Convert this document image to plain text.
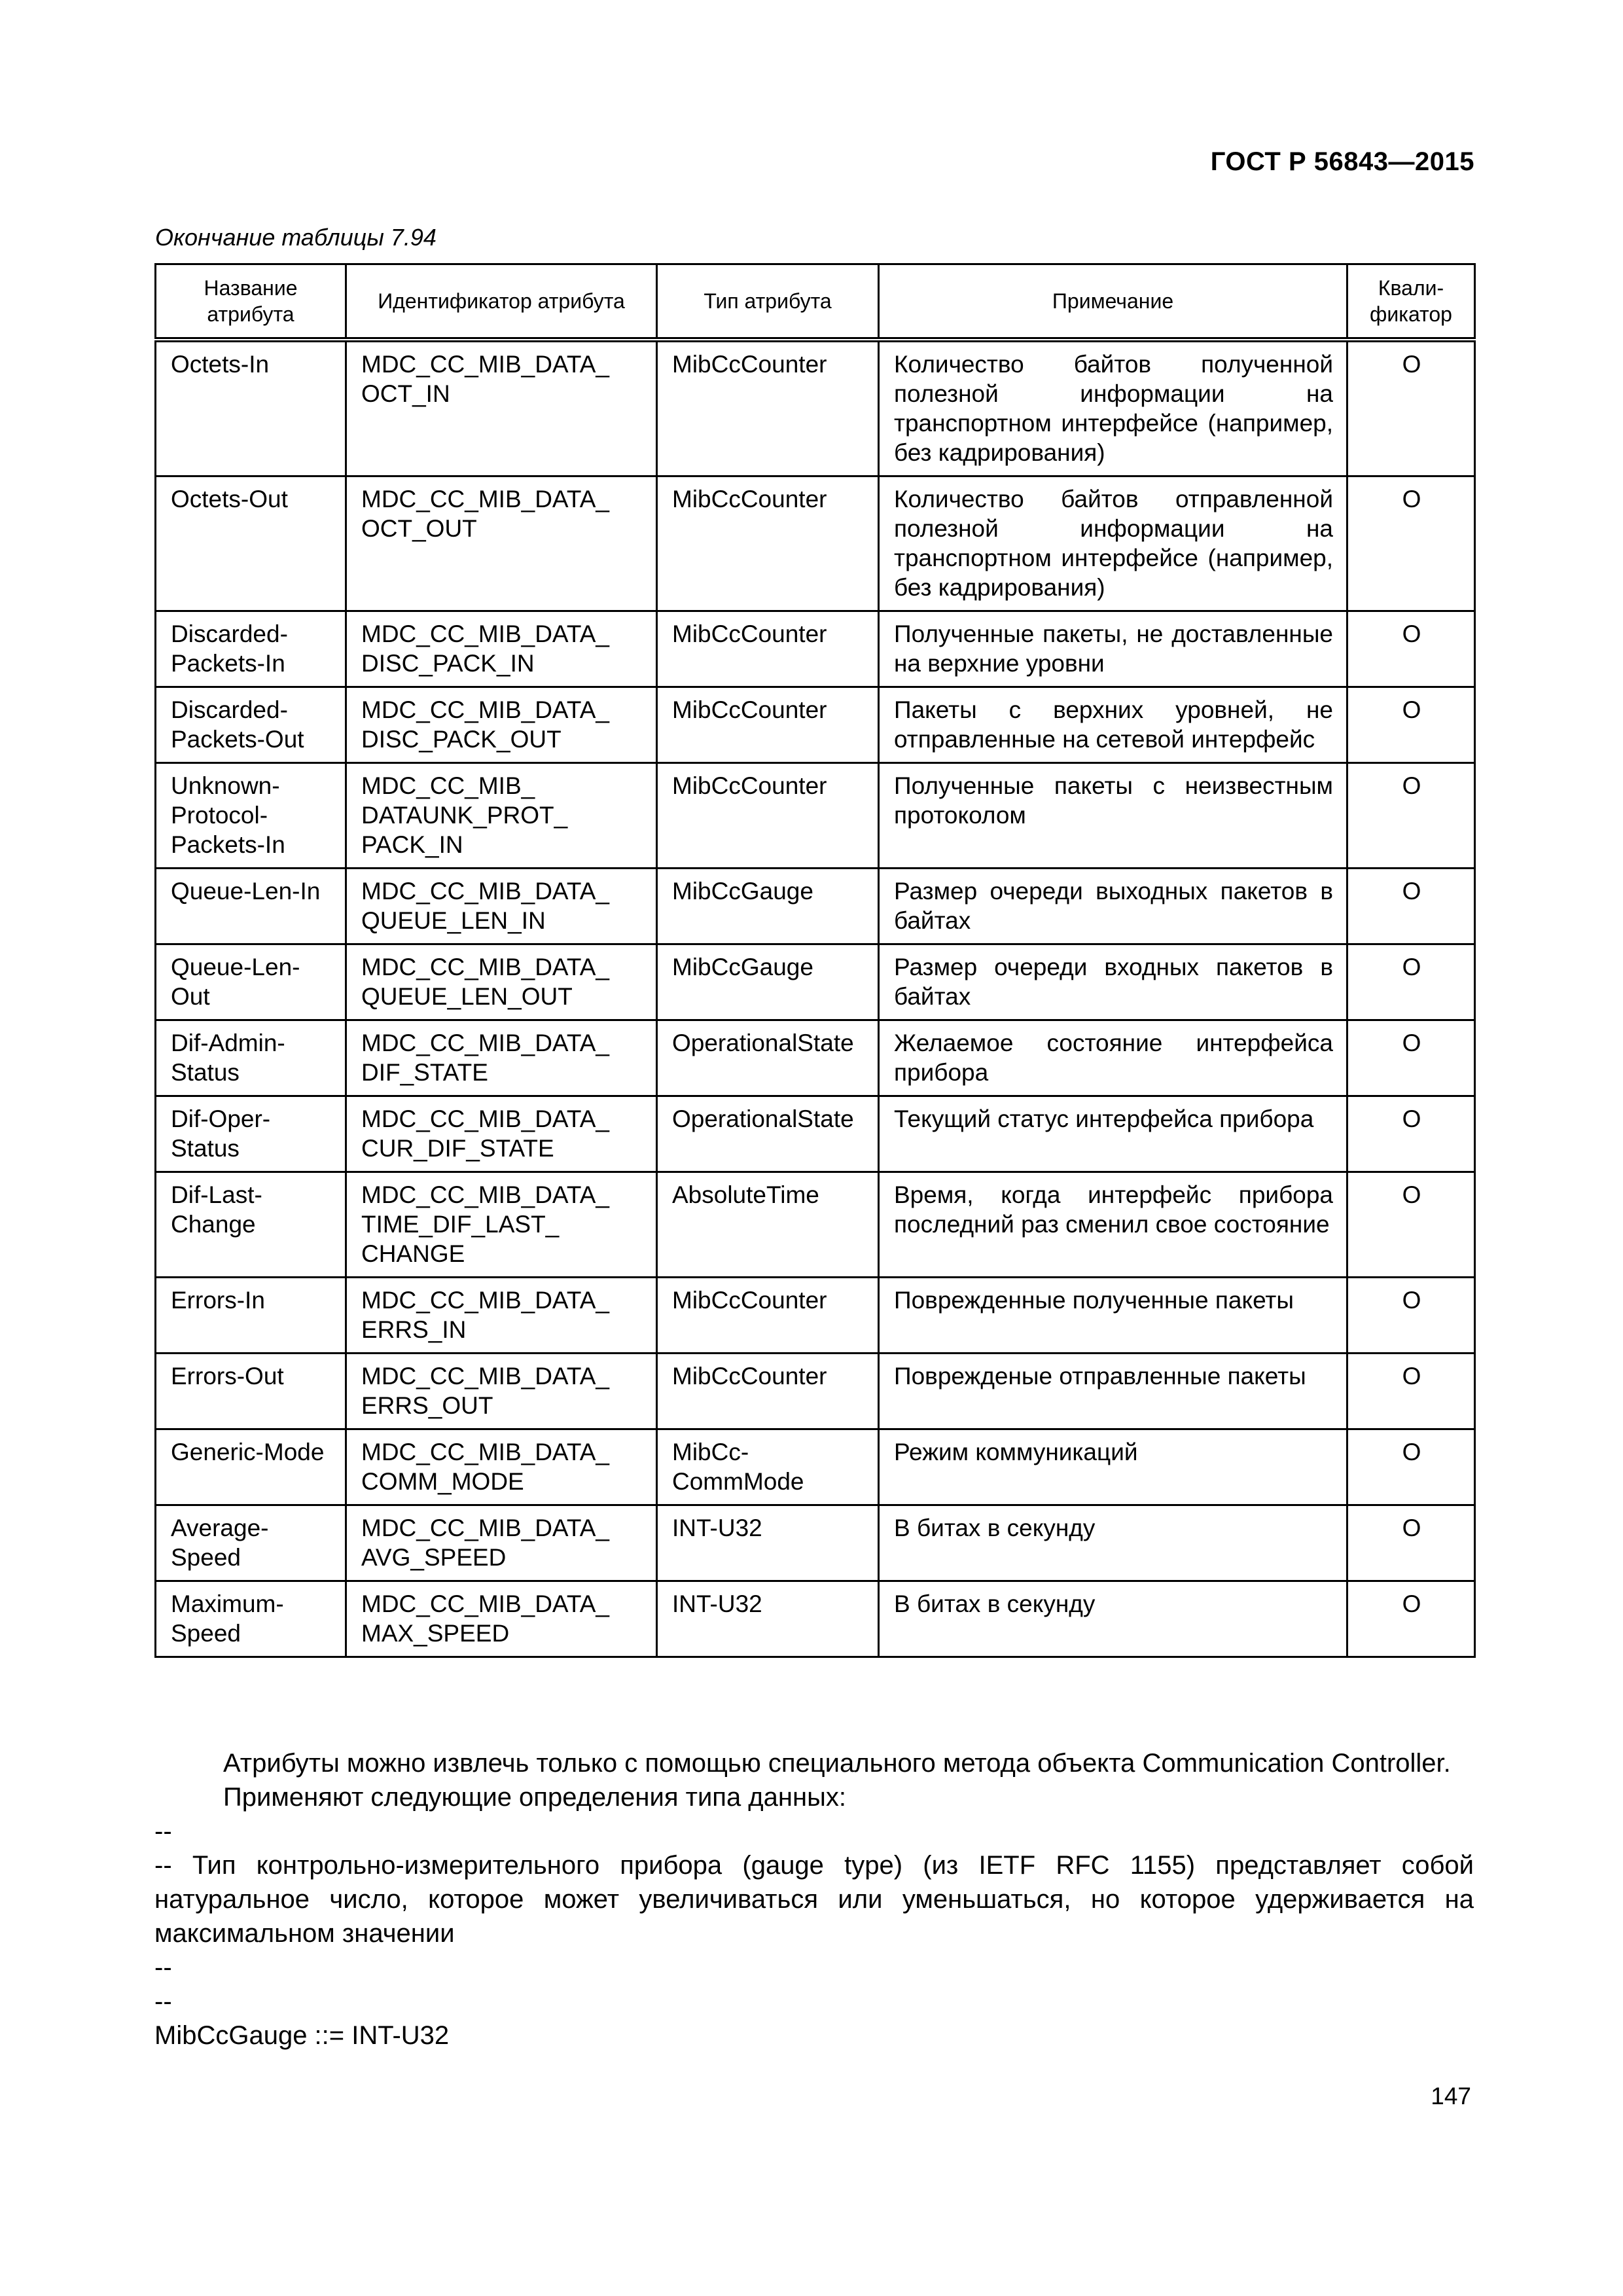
ГОСТ Р 56843—2015
Окончание таблицы 7.94
Название атрибута	Идентификатор атрибута	Тип атрибута	Примечание	Квали-фикатор
Octets-In	MDC_CC_MIB_DATA_ OCT_IN	MibCcCounter	Количество байтов полученной полезной информации на транспортном интерфейсе (например, без кадрирования)	O
Octets-Out	MDC_CC_MIB_DATA_ OCT_OUT	MibCcCounter	Количество байтов отправленной полезной информации на транспортном интерфейсе (например, без кадрирования)	O
Discarded-Packets-In	MDC_CC_MIB_DATA_ DISC_PACK_IN	MibCcCounter	Полученные пакеты, не доставленные на верхние уровни	O
Discarded-Packets-Out	MDC_CC_MIB_DATA_ DISC_PACK_OUT	MibCcCounter	Пакеты с верхних уровней, не отправленные на сетевой интерфейс	O
Unknown-Protocol-Packets-In	MDC_CC_MIB_ DATAUNK_PROT_ PACK_IN	MibCcCounter	Полученные пакеты с неизвестным протоколом	O
Queue-Len-In	MDC_CC_MIB_DATA_ QUEUE_LEN_IN	MibCcGauge	Размер очереди выходных пакетов в байтах	O
Queue-Len-Out	MDC_CC_MIB_DATA_ QUEUE_LEN_OUT	MibCcGauge	Размер очереди входных пакетов в байтах	O
Dif-Admin-Status	MDC_CC_MIB_DATA_ DIF_STATE	OperationalState	Желаемое состояние интерфейса прибора	O
Dif-Oper-Status	MDC_CC_MIB_DATA_ CUR_DIF_STATE	OperationalState	Текущий статус интерфейса прибора	O
Dif-Last-Change	MDC_CC_MIB_DATA_ TIME_DIF_LAST_ CHANGE	AbsoluteTime	Время, когда интерфейс прибора последний раз сменил свое состояние	O
Errors-In	MDC_CC_MIB_DATA_ ERRS_IN	MibCcCounter	Поврежденные полученные пакеты	O
Errors-Out	MDC_CC_MIB_DATA_ ERRS_OUT	MibCcCounter	Поврежденые отправленные пакеты	O
Generic-Mode	MDC_CC_MIB_DATA_ COMM_MODE	MibCc-CommMode	Режим коммуникаций	O
Average-Speed	MDC_CC_MIB_DATA_ AVG_SPEED	INT-U32	В битах в секунду	O
Maximum-Speed	MDC_CC_MIB_DATA_ MAX_SPEED	INT-U32	В битах в секунду	O

Атрибуты можно извлечь только с помощью специального метода объекта Communication Controller.

Применяют следующие определения типа данных:

--

-- Тип контрольно-измерительного прибора (gauge type) (из IETF RFC 1155) представляет собой натуральное число, которое может увеличиваться или уменьшаться, но которое удерживается на максимальном значении

--

--

MibCcGauge ::= INT-U32

147
